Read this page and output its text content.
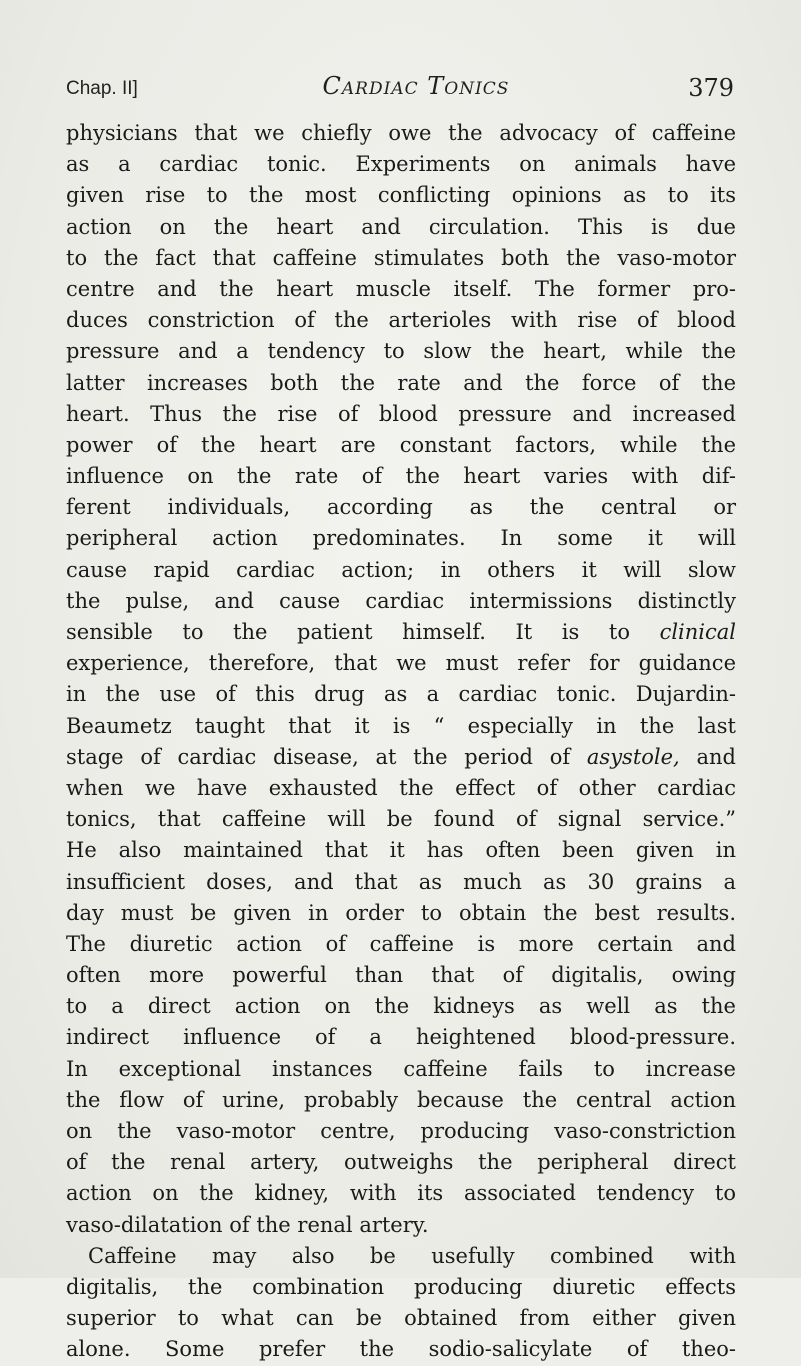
Chap. II]	Cardiac Tonics	379
physicians that we chiefly owe the advocacy of caffeine
as a cardiac tonic. Experiments on animals have
given rise to the most conflicting opinions as to its
action on the heart and circulation. This is due
to the fact that caffeine stimulates both the vaso-motor
centre and the heart muscle itself. The former pro-
duces constriction of the arterioles with rise of blood
pressure and a tendency to slow the heart, while the
latter increases both the rate and the force of the
heart. Thus the rise of blood pressure and increased
power of the heart are constant factors, while the
influence on the rate of the heart varies with dif-
ferent individuals, according as the central or
peripheral action predominates. In some it will
cause rapid cardiac action; in others it will slow
the pulse, and cause cardiac intermissions distinctly
sensible to the patient himself. It is to clinical
experience, therefore, that we must refer for guidance
in the use of this drug as a cardiac tonic. Dujardin-
Beaumetz taught that it is “ especially in the last
stage of cardiac disease, at the period of asystole, and
when we have exhausted the effect of other cardiac
tonics, that caffeine will be found of signal service.”
He also maintained that it has often been given in
insufficient doses, and that as much as 30 grains a
day must be given in order to obtain the best results.
The diuretic action of caffeine is more certain and
often more powerful than that of digitalis, owing
to a direct action on the kidneys as well as the
indirect influence of a heightened blood-pressure.
In exceptional instances caffeine fails to increase
the flow of urine, probably because the central action
on the vaso-motor centre, producing vaso-constriction
of the renal artery, outweighs the peripheral direct
action on the kidney, with its associated tendency to
vaso-dilatation of the renal artery.
Caffeine may also be usefully combined with
digitalis, the combination producing diuretic effects
superior to what can be obtained from either given
alone. Some prefer the sodio-salicylate of theo-
